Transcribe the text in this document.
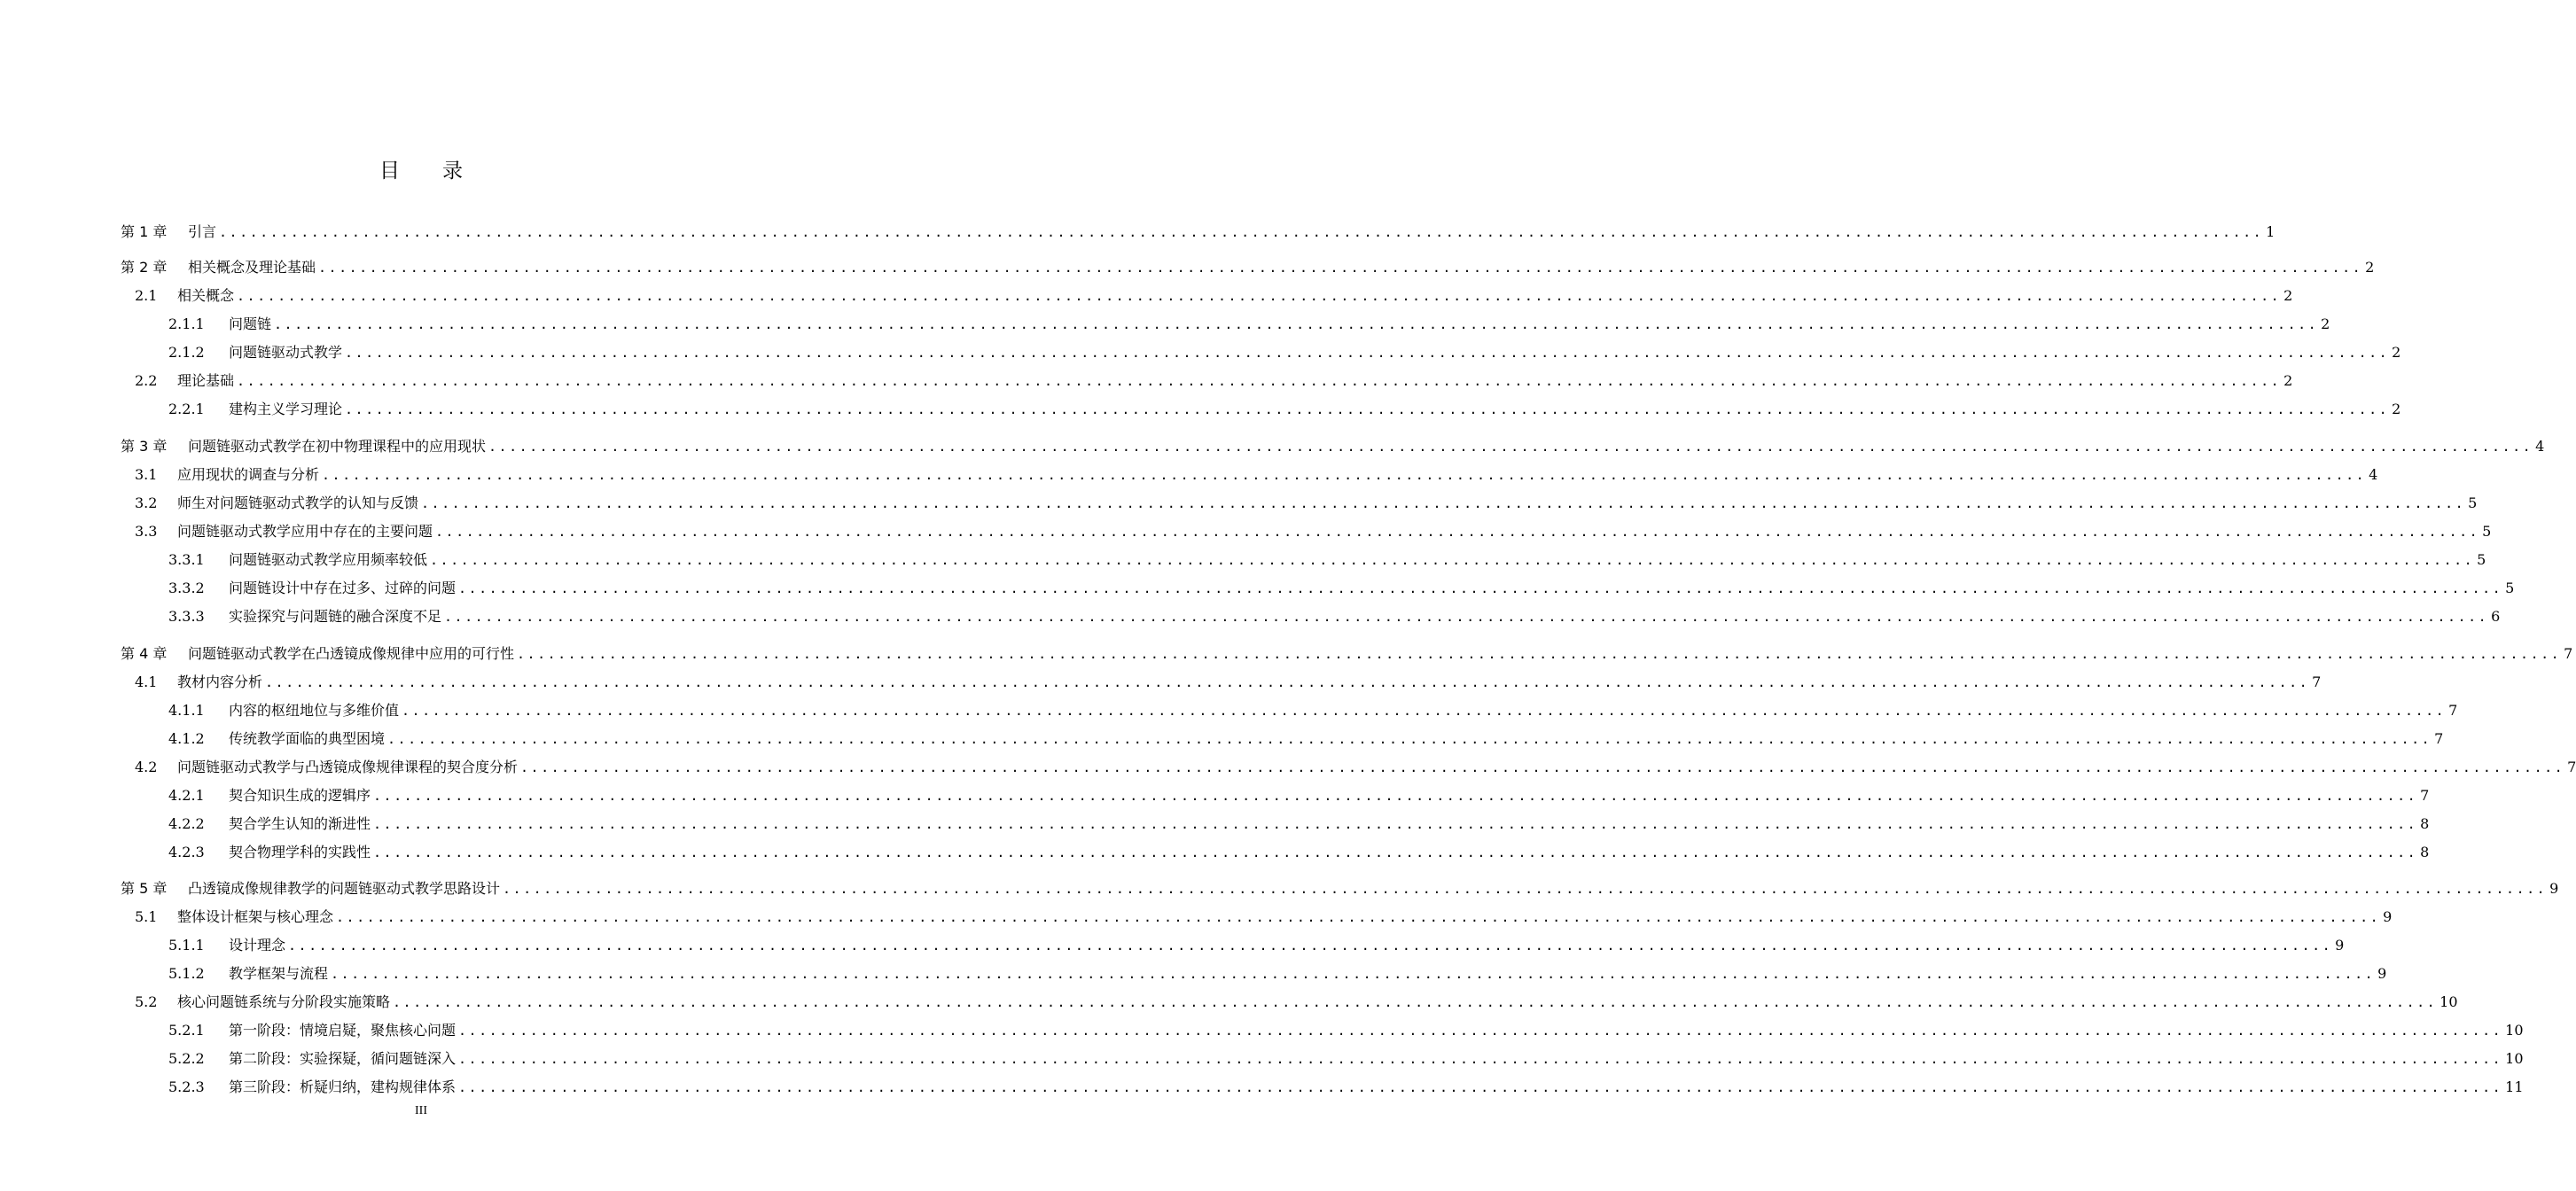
目录
第 1 章	引言 ........................................................................................................................................................................................................ 1
第 2 章	相关概念及理论基础 ........................................................................................................................................................................................................ 2
2.1	相关概念 ........................................................................................................................................................................................................ 2
2.1.1	问题链 ........................................................................................................................................................................................................ 2
2.1.2	问题链驱动式教学 ........................................................................................................................................................................................................ 2
2.2	理论基础 ........................................................................................................................................................................................................ 2
2.2.1	建构主义学习理论 ........................................................................................................................................................................................................ 2
第 3 章	问题链驱动式教学在初中物理课程中的应用现状 ........................................................................................................................................................................................................ 4
3.1	应用现状的调查与分析 ........................................................................................................................................................................................................ 4
3.2	师生对问题链驱动式教学的认知与反馈 ........................................................................................................................................................................................................ 5
3.3	问题链驱动式教学应用中存在的主要问题 ........................................................................................................................................................................................................ 5
3.3.1	问题链驱动式教学应用频率较低 ........................................................................................................................................................................................................ 5
3.3.2	问题链设计中存在过多、过碎的问题 ........................................................................................................................................................................................................ 5
3.3.3	实验探究与问题链的融合深度不足 ........................................................................................................................................................................................................ 6
第 4 章	问题链驱动式教学在凸透镜成像规律中应用的可行性 ........................................................................................................................................................................................................ 7
4.1	教材内容分析 ........................................................................................................................................................................................................ 7
4.1.1	内容的枢纽地位与多维价值 ........................................................................................................................................................................................................ 7
4.1.2	传统教学面临的典型困境 ........................................................................................................................................................................................................ 7
4.2	问题链驱动式教学与凸透镜成像规律课程的契合度分析 ........................................................................................................................................................................................................ 7
4.2.1	契合知识生成的逻辑序 ........................................................................................................................................................................................................ 7
4.2.2	契合学生认知的渐进性 ........................................................................................................................................................................................................ 8
4.2.3	契合物理学科的实践性 ........................................................................................................................................................................................................ 8
第 5 章	凸透镜成像规律教学的问题链驱动式教学思路设计 ........................................................................................................................................................................................................ 9
5.1	整体设计框架与核心理念 ........................................................................................................................................................................................................ 9
5.1.1	设计理念 ........................................................................................................................................................................................................ 9
5.1.2	教学框架与流程 ........................................................................................................................................................................................................ 9
5.2	核心问题链系统与分阶段实施策略 ........................................................................................................................................................................................................ 10
5.2.1	第一阶段：情境启疑，聚焦核心问题 ........................................................................................................................................................................................................ 10
5.2.2	第二阶段：实验探疑，循问题链深入 ........................................................................................................................................................................................................ 10
5.2.3	第三阶段：析疑归纳，建构规律体系 ........................................................................................................................................................................................................ 11
III
